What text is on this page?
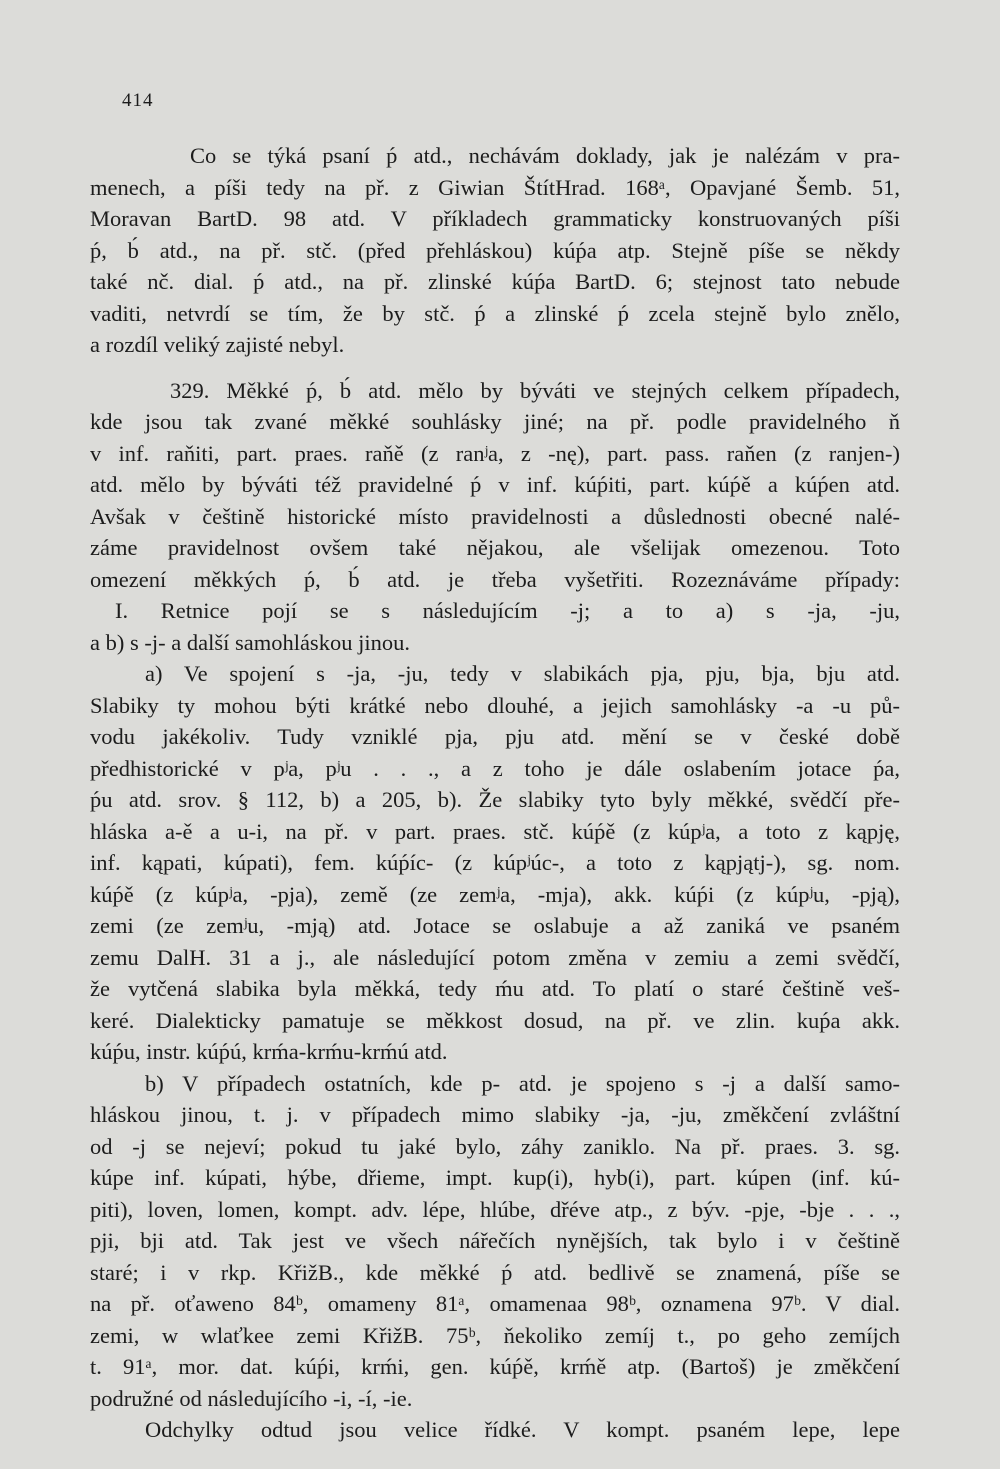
414
Co se týká psaní ṕ atd., nechávám doklady, jak je nalézám v pra-
menech, a píši tedy na př. z Giwian ŠtítHrad. 168ᵃ, Opavjané Šemb. 51,
Moravan BartD. 98 atd. V příkladech grammaticky konstruovaných píši
ṕ, b́ atd., na př. stč. (před přehláskou) kúṕa atp. Stejně píše se někdy
také nč. dial. ṕ atd., na př. zlinské kúṕa BartD. 6; stejnost tato nebude
vaditi, netvrdí se tím, že by stč. ṕ a zlinské ṕ zcela stejně bylo znělo,
a rozdíl veliký zajisté nebyl.
329. Měkké ṕ, b́ atd. mělo by býváti ve stejných celkem případech,
kde jsou tak zvané měkké souhlásky jiné; na př. podle pravidelného ň
v inf. raňiti, part. praes. raňě (z ranʲa, z -nę), part. pass. raňen (z ranjen-)
atd. mělo by býváti též pravidelné ṕ v inf. kúṕiti, part. kúṕě a kúṕen atd.
Avšak v češtině historické místo pravidelnosti a důslednosti obecné nalé-
záme pravidelnost ovšem také nějakou, ale všelijak omezenou. Toto
omezení měkkých ṕ, b́ atd. je třeba vyšetřiti. Rozeznáváme případy:
I. Retnice pojí se s následujícím -j; a to a) s -ja, -ju,
a b) s -j- a další samohláskou jinou.
a) Ve spojení s -ja, -ju, tedy v slabikách pja, pju, bja, bju atd.
Slabiky ty mohou býti krátké nebo dlouhé, a jejich samohlásky -a -u pů-
vodu jakékoliv. Tudy vzniklé pja, pju atd. mění se v české době
předhistorické v pʲa, pʲu . . ., a z toho je dále oslabením jotace ṕa,
ṕu atd. srov. § 112, b) a 205, b). Že slabiky tyto byly měkké, svědčí pře-
hláska a-ě a u-i, na př. v part. praes. stč. kúṕě (z kúpʲa, a toto z kąpję,
inf. kąpati, kúpati), fem. kúṕíc- (z kúpʲúc-, a toto z kąpjątj-), sg. nom.
kúṕě (z kúpʲa, -pja), země (ze zemʲa, -mja), akk. kúṕi (z kúpʲu, -pją),
zemi (ze zemʲu, -mją) atd. Jotace se oslabuje a až zaniká ve psaném
zemu DalH. 31 a j., ale následující potom změna v zemiu a zemi svědčí,
že vytčená slabika byla měkká, tedy ḿu atd. To platí o staré češtině veš-
keré. Dialekticky pamatuje se měkkost dosud, na př. ve zlin. kuṕa akk.
kúṕu, instr. kúṕú, krḿa-krḿu-krḿú atd.
b) V případech ostatních, kde p- atd. je spojeno s -j a další samo-
hláskou jinou, t. j. v případech mimo slabiky -ja, -ju, změkčení zvláštní
od -j se nejeví; pokud tu jaké bylo, záhy zaniklo. Na př. praes. 3. sg.
kúpe inf. kúpati, hýbe, dřieme, impt. kup(i), hyb(i), part. kúpen (inf. kú-
piti), loven, lomen, kompt. adv. lépe, hlúbe, dřéve atp., z býv. -pje, -bje . . .,
pji, bji atd. Tak jest ve všech nářečích nynějších, tak bylo i v češtině
staré; i v rkp. KřižB., kde měkké ṕ atd. bedlivě se znamená, píše se
na př. oťaweno 84ᵇ, omameny 81ᵃ, omamenaa 98ᵇ, oznamena 97ᵇ. V dial.
zemi, w wlaťkee zemi KřižB. 75ᵇ, ňekoliko zemíj t., po geho zemíjch
t. 91ᵃ, mor. dat. kúṕi, krḿi, gen. kúṕě, krḿě atp. (Bartoš) je změkčení
podružné od následujícího -i, -í, -ie.
Odchylky odtud jsou velice řídké. V kompt. psaném lepe, lepe
